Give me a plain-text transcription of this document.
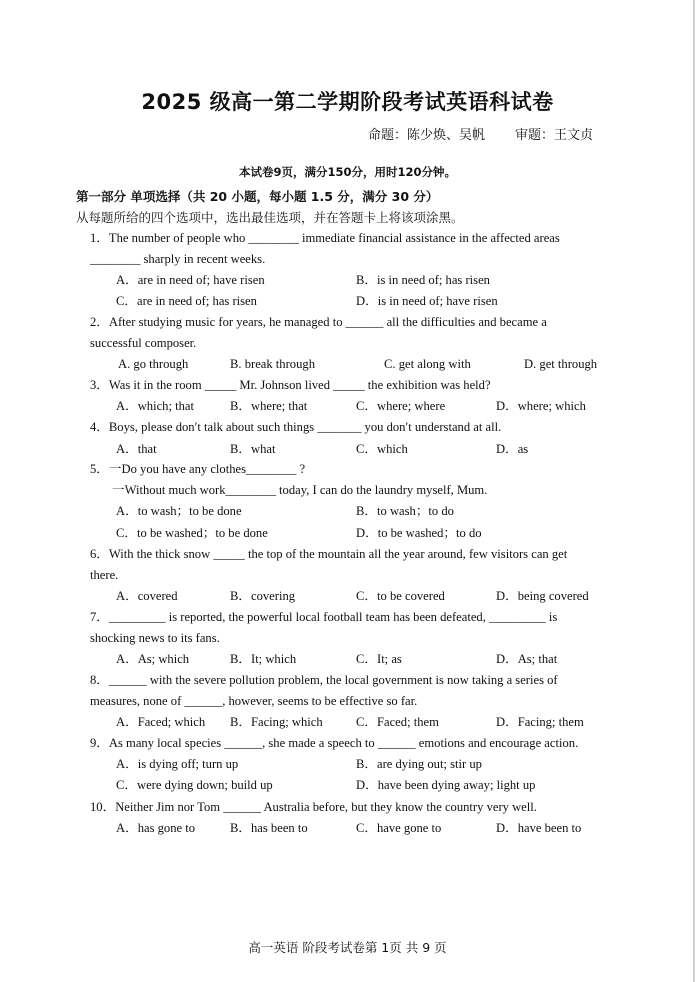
2025 级高一第二学期阶段考试英语科试卷
命题：陈少焕、吴帆 审题：王文贞
本试卷9页，满分150分，用时120分钟。
第一部分 单项选择（共 20 小题，每小题 1.5 分，满分 30 分）
从每题所给的四个选项中，选出最佳选项，并在答题卡上将该项涂黑。
1．The number of people who ________ immediate financial assistance in the affected areas
________ sharply in recent weeks.
A．are in need of; have risen	B．is in need of; has risen
C．are in need of; has risen	D．is in need of; have risen
2．After studying music for years, he managed to ______ all the difficulties and became a
successful composer.
A. go through	B. break through	C. get along with	D. get through
3．Was it in the room _____ Mr. Johnson lived _____ the exhibition was held?
A．which; that	B．where; that	C．where; where	D．where; which
4．Boys, please don′t talk about such things _______ you don′t understand at all.
A．that	B．what	C．which	D．as
5．一Do you have any clothes________ ?
一Without much work________ today, I can do the laundry myself, Mum.
A．to wash；to be done	B．to wash；to do
C．to be washed；to be done	D．to be washed；to do
6．With the thick snow _____ the top of the mountain all the year around, few visitors can get
there.
A．covered	B．covering	C．to be covered	D．being covered
7．_________ is reported, the powerful local football team has been defeated, _________ is
shocking news to its fans.
A．As; which	B．It; which	C．It; as	D．As; that
8．______ with the severe pollution problem, the local government is now taking a series of
measures, none of ______, however, seems to be effective so far.
A．Faced; which B．Facing; which	C．Faced; them	D．Facing; them
9．As many local species ______, she made a speech to ______ emotions and encourage action.
A．is dying off; turn up	B．are dying out; stir up
C．were dying down; build up	D．have been dying away; light up
10．Neither Jim nor Tom ______ Australia before, but they know the country very well.
A．has gone to	B．has been to	C．have gone to	D．have been to
高一英语 阶段考试卷第 1页 共 9 页
